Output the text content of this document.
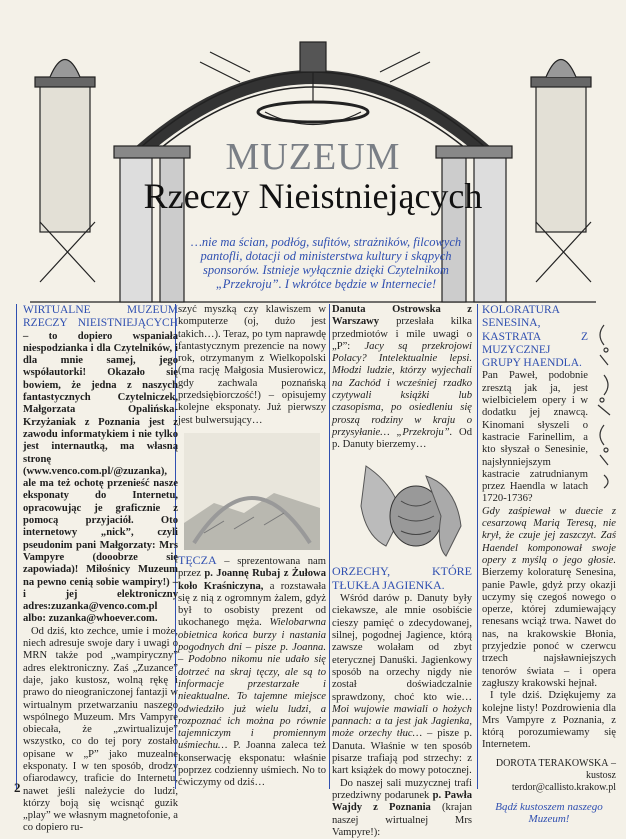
MUZEUM
Rzeczy Nieistniejących
…nie ma ścian, podłóg, sufitów, strażników, filcowych pantofli, dotacji od ministerstwa kultury i skąpych sponsorów. Istnieje wyłącznie dzięki Czytelnikom „Przekroju”. I wkrótce będzie w Internecie!

WIRTUALNE MUZEUM RZECZY NIEISTNIEJĄCYCH – to dopiero wspaniała niespodzianka i dla Czytelników, i dla mnie samej, jego współautorki! Okazało się bowiem, że jedna z naszych fantastycznych Czytelniczek, Małgorzata Opalińska-Krzyżaniak z Poznania jest z zawodu informatykiem i nie tylko jest internautką, ma własną stronę (www.venco.com.pl/@zuzanka), ale ma też ochotę przenieść nasze eksponaty do Internetu, opracowując je graficznie z pomocą przyjaciół. Oto internetowy „nick”, czyli pseudonim pani Małgorzaty: Mrs Vampyre (dooobrze się zapowiada)! Miłośnicy Muzeum na pewno cenią sobie wampiry!) – i jej elektroniczny adres:zuzanka@venco.com.pl albo: zuzanka@whoever.com.

Od dziś, kto zechce, umie i może, niech adresuje swoje dary i uwagi o MRN także pod „wampiryczny” adres elektroniczny. Zaś „Zuzance” daje, jako kustosz, wolną rękę i prawo do nieograniczonej fantazji w wirtualnym przetwarzaniu naszego wspólnego Muzeum. Mrs Vampyre obiecała, że „zwirtualizuje” wszystko, co do tej pory zostało opisane w „P” jako muzealne eksponaty. I w ten sposób, drodzy ofiarodawcy, traficie do Internetu, nawet jeśli należycie do ludzi, którzy boją się wcisnąć guzik „play” we własnym magnetofonie, a co dopiero ru-

szyć myszką czy klawiszem w komputerze (oj, dużo jest takich…). Teraz, po tym naprawdę fantastycznym prezencie na nowy rok, otrzymanym z Wielkopolski (ma rację Małgosia Musierowicz, gdy zachwala poznańską przedsiębiorczość!) – opisujemy kolejne eksponaty. Już pierwszy jest bulwersujący…

TĘCZA – sprezentowana nam przez p. Joannę Rubaj z Żułowa koło Kraśniczyna, a rozstawała się z nią z ogromnym żalem, gdyż był to osobisty prezent od ukochanego męża. Wielobarwna obietnica końca burzy i nastania pogodnych dni – pisze p. Joanna. – Podobno nikomu nie udało się dotrzeć na skraj tęczy, ale są to informacje przestarzałe i nieaktualne. To tajemne miejsce odwiedziło już wielu ludzi, a rozpoznać ich można po równie tajemniczym i promiennym uśmiechu… P. Joanna zaleca też konserwację eksponatu: właśnie poprzez codzienny uśmiech. No to ćwiczymy od dziś…

Danuta Ostrowska z Warszawy przesłała kilka przedmiotów i mile uwagi o „P”: Jacy są przekrojowi Polacy? Intelektualnie lepsi. Młodzi ludzie, którzy wyjechali na Zachód i wcześniej rzadko czytywali książki lub czasopisma, po osiedleniu się proszą rodziny w kraju o przysyłanie… „Przekroju”. Od p. Danuty bierzemy…

ORZECHY, KTÓRE TŁUKŁA JAGIENKA.

Wśród darów p. Danuty były ciekawsze, ale mnie osobiście cieszy pamięć o zdecydowanej, silnej, pogodnej Jagience, którą zawsze wolałam od zbyt eterycznej Danuśki. Jagienkowy sposób na orzechy nigdy nie został doświadczalnie sprawdzony, choć kto wie… Moi wujowie mawiali o hożych pannach: a ta jest jak Jagienka, może orzechy tłuc… – pisze p. Danuta. Właśnie w ten sposób pisarze trafiają pod strzechy: z kart książek do mowy potocznej.

Do naszej sali muzycznej trafi przedziwny podarunek p. Pawła Wajdy z Poznania (krajan naszej wirtualnej Mrs Vampyre!):

KOLORATURA SENESINA, KASTRATA Z MUZYCZNEJ GRUPY HAENDLA.

Pan Paweł, podobnie zresztą jak ja, jest wielbicielem opery i w dodatku jej znawcą. Kinomani słyszeli o kastracie Farinellim, a kto słyszał o Senesinie, najsłynniejszym kastracie zatrudnianym przez Haendla w latach 1720-1736?

Gdy zaśpiewał w duecie z cesarzową Marią Teresą, nie krył, że czuje jej zaszczyt. Zaś Haendel komponował swoje opery z myślą o jego głosie. Bierzemy koloraturę Senesina, panie Pawle, gdyż przy okazji uczymy się czegoś nowego o operze, której zdumiewający renesans wciąż trwa. Nawet do nas, na krakowskie Błonia, przyjedzie ponoć w czerwcu trzech najsławniejszych tenorów świata – i opera zagłuszy krakowski hejnał.

I tyle dziś. Dziękujemy za kolejne listy! Pozdrowienia dla Mrs Vampyre z Poznania, z którą porozumiewamy się Internetem.

DOROTA TERAKOWSKA – kustosz
terdor@callisto.krakow.pl
Bądź kustoszem naszego Muzeum!
2
